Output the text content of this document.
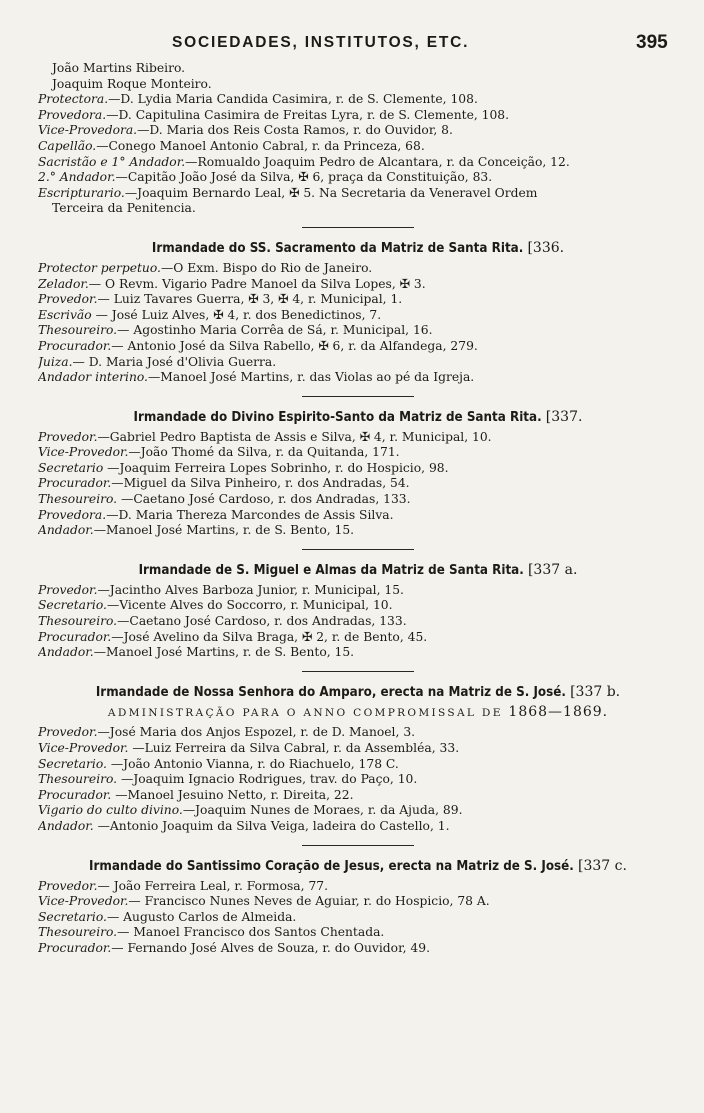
SOCIEDADES, INSTITUTOS, ETC.	395
João Martins Ribeiro.
Joaquim Roque Monteiro.
Protectora.—D. Lydia Maria Candida Casimira, r. de S. Clemente, 108.
Provedora.—D. Capitulina Casimira de Freitas Lyra, r. de S. Clemente, 108.
Vice-Provedora.—D. Maria dos Reis Costa Ramos, r. do Ouvidor, 8.
Capellão.—Conego Manoel Antonio Cabral, r. da Princeza, 68.
Sacristão e 1° Andador.—Romualdo Joaquim Pedro de Alcantara, r. da Conceição, 12.
2.° Andador.—Capitão João José da Silva, ✠ 6, praça da Constituição, 83.
Escripturario.—Joaquim Bernardo Leal, ✠ 5. Na Secretaria da Veneravel Ordem
Terceira da Penitencia.
Irmandade do SS. Sacramento da Matriz de Santa Rita. [336.
Protector perpetuo.—O Exm. Bispo do Rio de Janeiro.
Zelador.— O Revm. Vigario Padre Manoel da Silva Lopes, ✠ 3.
Provedor.— Luiz Tavares Guerra, ✠ 3, ✠ 4, r. Municipal, 1.
Escrivão — José Luiz Alves, ✠ 4, r. dos Benedictinos, 7.
Thesoureiro.— Agostinho Maria Corrêa de Sá, r. Municipal, 16.
Procurador.— Antonio José da Silva Rabello, ✠ 6, r. da Alfandega, 279.
Juiza.— D. Maria José d'Olivia Guerra.
Andador interino.—Manoel José Martins, r. das Violas ao pé da Igreja.
Irmandade do Divino Espirito-Santo da Matriz de Santa Rita. [337.
Provedor.—Gabriel Pedro Baptista de Assis e Silva, ✠ 4, r. Municipal, 10.
Vice-Provedor.—João Thomé da Silva, r. da Quitanda, 171.
Secretario —Joaquim Ferreira Lopes Sobrinho, r. do Hospicio, 98.
Procurador.—Miguel da Silva Pinheiro, r. dos Andradas, 54.
Thesoureiro. —Caetano José Cardoso, r. dos Andradas, 133.
Provedora.—D. Maria Thereza Marcondes de Assis Silva.
Andador.—Manoel José Martins, r. de S. Bento, 15.
Irmandade de S. Miguel e Almas da Matriz de Santa Rita. [337 a.
Provedor.—Jacintho Alves Barboza Junior, r. Municipal, 15.
Secretario.—Vicente Alves do Soccorro, r. Municipal, 10.
Thesoureiro.—Caetano José Cardoso, r. dos Andradas, 133.
Procurador.—José Avelino da Silva Braga, ✠ 2, r. de Bento, 45.
Andador.—Manoel José Martins, r. de S. Bento, 15.
Irmandade de Nossa Senhora do Amparo, erecta na Matriz de S. José. [337 b.
ADMINISTRAÇÃO PARA O ANNO COMPROMISSAL DE 1868—1869.
Provedor.—José Maria dos Anjos Espozel, r. de D. Manoel, 3.
Vice-Provedor. —Luiz Ferreira da Silva Cabral, r. da Assembléa, 33.
Secretario. —João Antonio Vianna, r. do Riachuelo, 178 C.
Thesoureiro. —Joaquim Ignacio Rodrigues, trav. do Paço, 10.
Procurador. —Manoel Jesuino Netto, r. Direita, 22.
Vigario do culto divino.—Joaquim Nunes de Moraes, r. da Ajuda, 89.
Andador. —Antonio Joaquim da Silva Veiga, ladeira do Castello, 1.
Irmandade do Santissimo Coração de Jesus, erecta na Matriz de S. José. [337 c.
Provedor.— João Ferreira Leal, r. Formosa, 77.
Vice-Provedor.— Francisco Nunes Neves de Aguiar, r. do Hospicio, 78 A.
Secretario.— Augusto Carlos de Almeida.
Thesoureiro.— Manoel Francisco dos Santos Chentada.
Procurador.— Fernando José Alves de Souza, r. do Ouvidor, 49.
